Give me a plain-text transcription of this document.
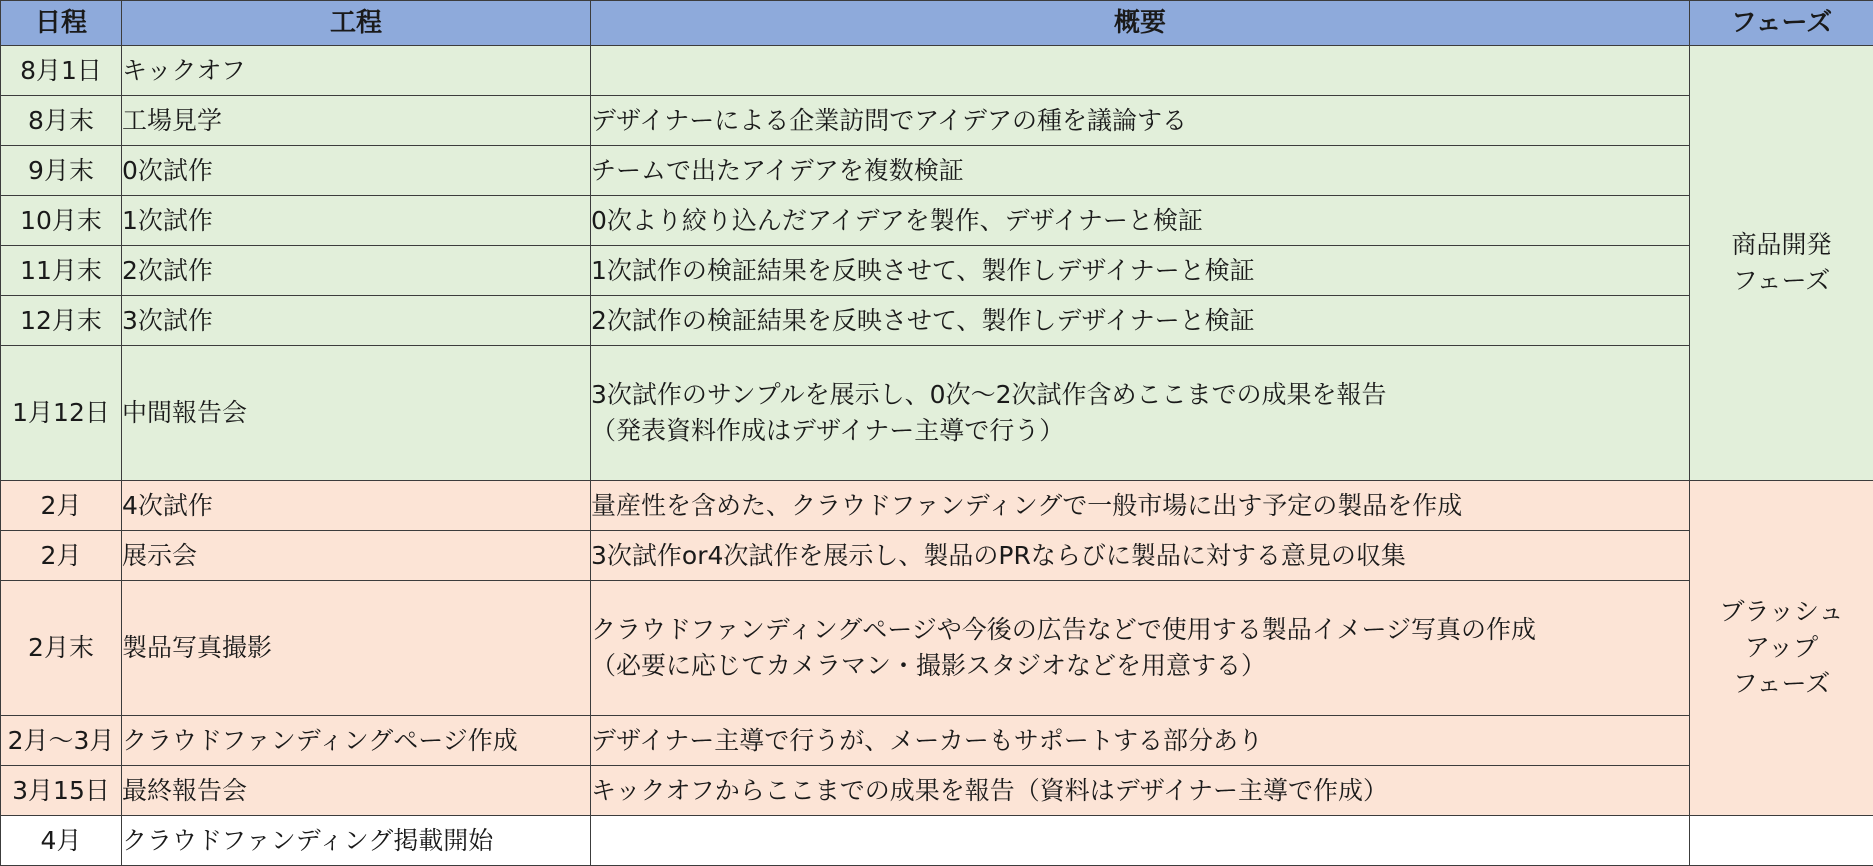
日程	工程	概要	フェーズ
8月1日	キックオフ		商品開発
フェーズ

8月末	工場見学	デザイナーによる企業訪問でアイデアの種を議論する	

9月末	0次試作	チームで出たアイデアを複数検証	

10月末	1次試作	0次より絞り込んだアイデアを製作、デザイナーと検証	

11月末	2次試作	1次試作の検証結果を反映させて、製作しデザイナーと検証	

12月末	3次試作	2次試作の検証結果を反映させて、製作しデザイナーと検証	

1月12日	中間報告会	3次試作のサンプルを展示し、0次〜2次試作含めここまでの成果を報告
（発表資料作成はデザイナー主導で行う）	

2月	4次試作	量産性を含めた、クラウドファンディングで一般市場に出す予定の製品を作成	ブラッシュ
アップ
フェーズ

2月	展示会	3次試作or4次試作を展示し、製品のPRならびに製品に対する意見の収集	

2月末	製品写真撮影	クラウドファンディングページや今後の広告などで使用する製品イメージ写真の作成
（必要に応じてカメラマン・撮影スタジオなどを用意する）	

2月〜3月	クラウドファンディングページ作成	デザイナー主導で行うが、メーカーもサポートする部分あり	

3月15日	最終報告会	キックオフからここまでの成果を報告（資料はデザイナー主導で作成）	

4月	クラウドファンディング掲載開始	
